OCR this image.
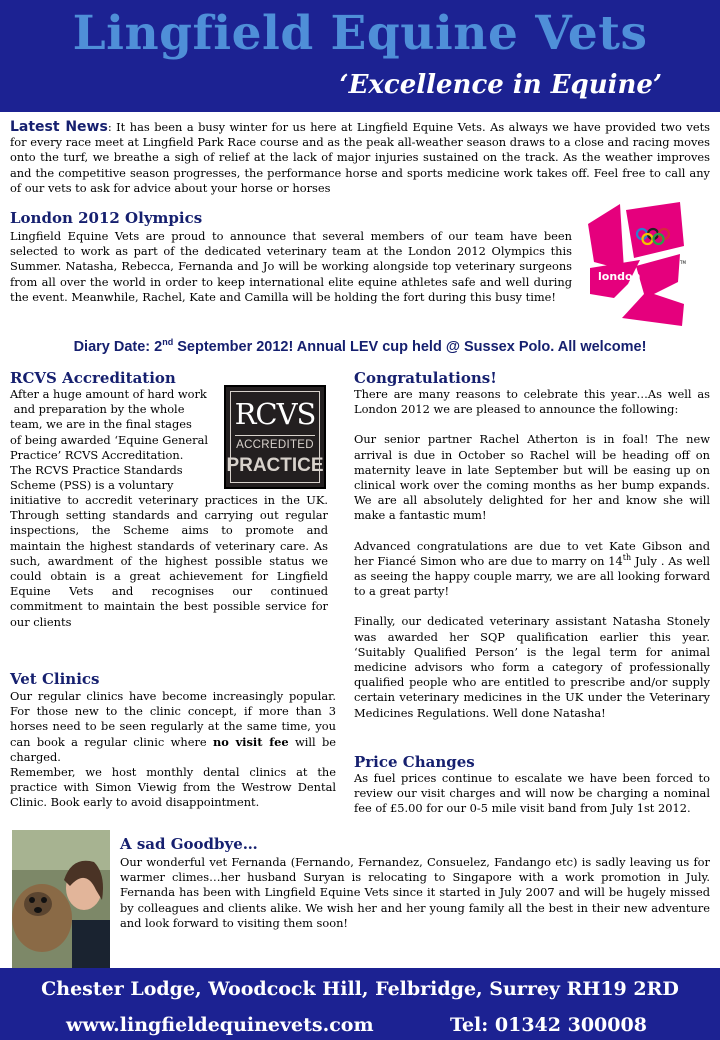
Lingfield Equine Vets
‘Excellence in Equine’
Latest News: It has been a busy winter for us here at Lingfield Equine Vets. As always we have provided two vets for every race meet at Lingfield Park Race course and as the peak all-weather season draws to a close and racing moves onto the turf, we breathe a sigh of relief at the lack of major injuries sustained on the track. As the weather improves and the competitive season progresses, the performance horse and sports medicine work takes off. Feel free to call any of our vets to ask for advice about your horse or horses
London 2012 Olympics
Lingfield Equine Vets are proud to announce that several members of our team have been selected to work as part of the dedicated veterinary team at the London 2012 Olympics this Summer. Natasha, Rebecca, Fernanda and Jo will be working alongside top veterinary surgeons from all over the world in order to keep international elite equine athletes safe and well during the event. Meanwhile, Rachel, Kate and Camilla will be holding the fort during this busy time!
london
TM
Diary Date: 2nd September 2012! Annual LEV cup held @ Sussex Polo. All welcome!
RCVS Accreditation
After a huge amount of hard work
and preparation by the whole
team, we are in the final stages
of being awarded ‘Equine General
Practice’ RCVS Accreditation.
The RCVS Practice Standards
Scheme (PSS) is a voluntary
initiative to accredit veterinary practices in the UK. Through setting standards and carrying out regular inspections, the Scheme aims to promote and maintain the highest standards of veterinary care. As such, awardment of the highest possible status we could obtain is a great achievement for Lingfield Equine Vets and recognises our continued commitment to maintain the best possible service for our clients
RCVS
ACCREDITED
PRACTICE
Vet Clinics
Our regular clinics have become increasingly popular. For those new to the clinic concept, if more than 3 horses need to be seen regularly at the same time, you can book a regular clinic where no visit fee will be charged.
Remember, we host monthly dental clinics at the practice with Simon Viewig from the Westrow Dental Clinic. Book early to avoid disappointment.
Congratulations!
There are many reasons to celebrate this year…As well as London 2012 we are pleased to announce the following:
Our senior partner Rachel Atherton is in foal! The new arrival is due in October so Rachel will be heading off on maternity leave in late September but will be easing up on clinical work over the coming months as her bump expands. We are all absolutely delighted for her and know she will make a fantastic mum!
Advanced congratulations are due to vet Kate Gibson and her Fiancé Simon who are due to marry on 14th July . As well as seeing the happy couple marry, we are all looking forward to a great party!
Finally, our dedicated veterinary assistant Natasha Stonely was awarded her SQP qualification earlier this year. ‘Suitably Qualified Person’ is the legal term for animal medicine advisors who form a category of professionally qualified people who are entitled to prescribe and/or supply certain veterinary medicines in the UK under the Veterinary Medicines Regulations. Well done Natasha!
Price Changes
As fuel prices continue to escalate we have been forced to review our visit charges and will now be charging a nominal fee of £5.00 for our 0-5 mile visit band from July 1st 2012.
A sad Goodbye…
Our wonderful vet Fernanda (Fernando, Fernandez, Consuelez, Fandango etc) is sadly leaving us for warmer climes…her husband Suryan is relocating to Singapore with a work promotion in July. Fernanda has been with Lingfield Equine Vets since it started in July 2007 and will be hugely missed by colleagues and clients alike. We wish her and her young family all the best in their new adventure and look forward to visiting them soon!
Chester Lodge, Woodcock Hill, Felbridge, Surrey RH19 2RD
www.lingfieldequinevets.com	Tel: 01342 300008
